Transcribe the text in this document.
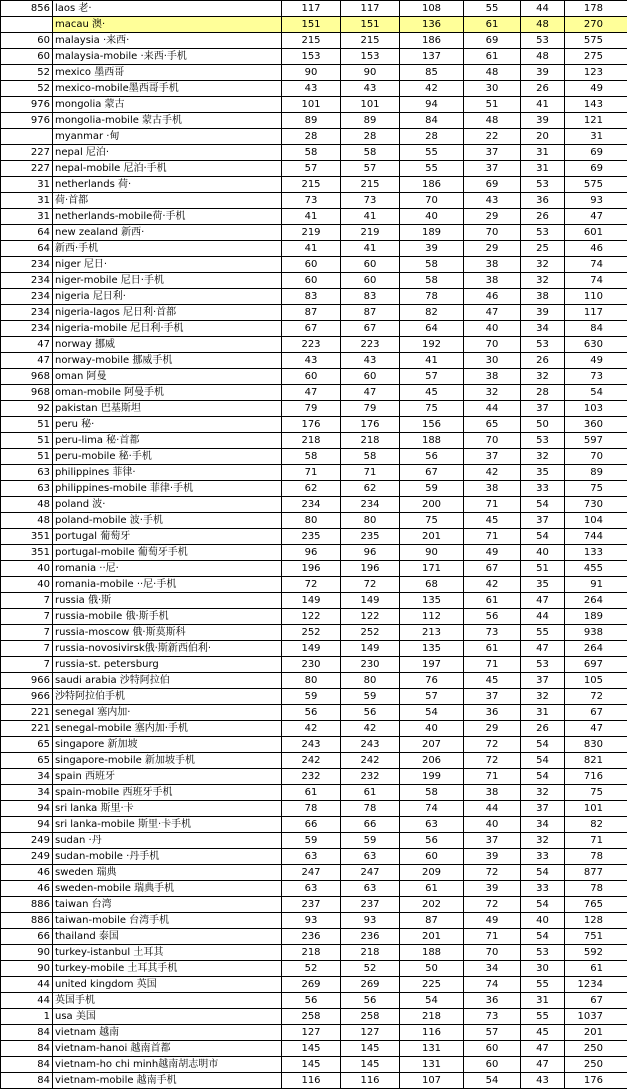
856	laos 老·	117	117	108	55	44	178
	macau 澳·	151	151	136	61	48	270
60	malaysia ·来西·	215	215	186	69	53	575
60	malaysia-mobile ·来西·手机	153	153	137	61	48	275
52	mexico 墨西哥	90	90	85	48	39	123
52	mexico-mobile墨西哥手机	43	43	42	30	26	49
976	mongolia 蒙古	101	101	94	51	41	143
976	mongolia-mobile 蒙古手机	89	89	84	48	39	121
	myanmar ·甸	28	28	28	22	20	31
227	nepal 尼泊·	58	58	55	37	31	69
227	nepal-mobile 尼泊·手机	57	57	55	37	31	69
31	netherlands 荷·	215	215	186	69	53	575
31	荷·首都	73	73	70	43	36	93
31	netherlands-mobile荷·手机	41	41	40	29	26	47
64	new zealand 新西·	219	219	189	70	53	601
64	新西·手机	41	41	39	29	25	46
234	niger 尼日·	60	60	58	38	32	74
234	niger-mobile 尼日·手机	60	60	58	38	32	74
234	nigeria 尼日利·	83	83	78	46	38	110
234	nigeria-lagos 尼日利·首都	87	87	82	47	39	117
234	nigeria-mobile 尼日利·手机	67	67	64	40	34	84
47	norway 挪威	223	223	192	70	53	630
47	norway-mobile 挪威手机	43	43	41	30	26	49
968	oman 阿曼	60	60	57	38	32	73
968	oman-mobile 阿曼手机	47	47	45	32	28	54
92	pakistan 巴基斯坦	79	79	75	44	37	103
51	peru 秘·	176	176	156	65	50	360
51	peru-lima 秘·首都	218	218	188	70	53	597
51	peru-mobile 秘·手机	58	58	56	37	32	70
63	philippines 菲律·	71	71	67	42	35	89
63	philippines-mobile 菲律·手机	62	62	59	38	33	75
48	poland 波·	234	234	200	71	54	730
48	poland-mobile 波·手机	80	80	75	45	37	104
351	portugal 葡萄牙	235	235	201	71	54	744
351	portugal-mobile 葡萄牙手机	96	96	90	49	40	133
40	romania ··尼·	196	196	171	67	51	455
40	romania-mobile ··尼·手机	72	72	68	42	35	91
7	russia 俄·斯	149	149	135	61	47	264
7	russia-mobile 俄·斯手机	122	122	112	56	44	189
7	russia-moscow 俄·斯莫斯科	252	252	213	73	55	938
7	russia-novosivirsk俄·斯新西伯利·	149	149	135	61	47	264
7	russia-st. petersburg	230	230	197	71	53	697
966	saudi arabia 沙特阿拉伯	80	80	76	45	37	105
966	沙特阿拉伯手机	59	59	57	37	32	72
221	senegal 塞内加·	56	56	54	36	31	67
221	senegal-mobile 塞内加·手机	42	42	40	29	26	47
65	singapore 新加坡	243	243	207	72	54	830
65	singapore-mobile 新加坡手机	242	242	206	72	54	821
34	spain 西班牙	232	232	199	71	54	716
34	spain-mobile 西班牙手机	61	61	58	38	32	75
94	sri lanka 斯里·卡	78	78	74	44	37	101
94	sri lanka-mobile 斯里·卡手机	66	66	63	40	34	82
249	sudan ·丹	59	59	56	37	32	71
249	sudan-mobile ·丹手机	63	63	60	39	33	78
46	sweden 瑞典	247	247	209	72	54	877
46	sweden-mobile 瑞典手机	63	63	61	39	33	78
886	taiwan 台湾	237	237	202	72	54	765
886	taiwan-mobile 台湾手机	93	93	87	49	40	128
66	thailand 泰国	236	236	201	71	54	751
90	turkey-istanbul 土耳其	218	218	188	70	53	592
90	turkey-mobile 土耳其手机	52	52	50	34	30	61
44	united kingdom 英国	269	269	225	74	55	1234
44	英国手机	56	56	54	36	31	67
1	usa 美国	258	258	218	73	55	1037
84	vietnam 越南	127	127	116	57	45	201
84	vietnam-hanoi 越南首都	145	145	131	60	47	250
84	vietnam-ho chi minh越南胡志明市	145	145	131	60	47	250
84	vietnam-mobile 越南手机	116	116	107	54	43	176
